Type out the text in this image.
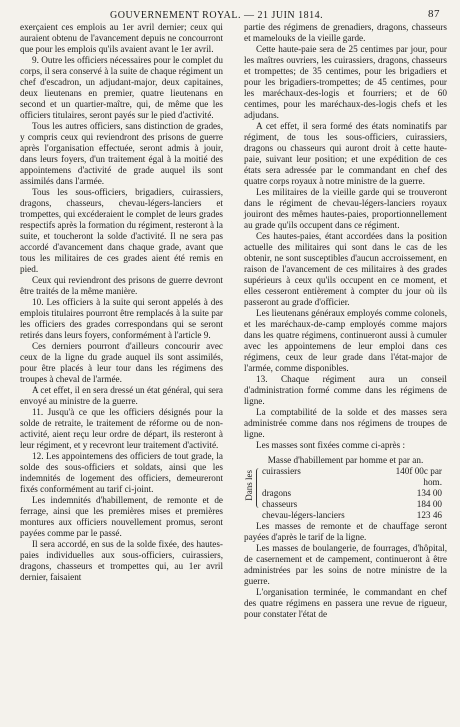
GOUVERNEMENT ROYAL. — 21 JUIN 1814.	87

exerçaient ces emplois au 1er avril dernier; ceux qui auraient obtenu de l'avancement depuis ne concourront que pour les emplois qu'ils avaient avant le 1er avril.

9. Outre les officiers nécessaires pour le complet du corps, il sera conservé à la suite de chaque régiment un chef d'escadron, un adjudant-major, deux capitaines, deux lieutenans en premier, quatre lieutenans en second et un quartier-maître, qui, de même que les officiers titulaires, seront payés sur le pied d'activité.

Tous les autres officiers, sans distinction de grades, y compris ceux qui reviendront des prisons de guerre après l'organisation effectuée, seront admis à jouir, dans leurs foyers, d'un traitement égal à la moitié des appointemens d'activité de grade auquel ils sont assimilés dans l'armée.

Tous les sous-officiers, brigadiers, cuirassiers, dragons, chasseurs, chevau-légers-lanciers et trompettes, qui excéderaient le complet de leurs grades respectifs après la formation du régiment, resteront à la suite, et toucheront la solde d'activité. Il ne sera pas accordé d'avancement dans chaque grade, avant que tous les militaires de ces grades aient été remis en pied.

Ceux qui reviendront des prisons de guerre devront être traités de la même manière.

10. Les officiers à la suite qui seront appelés à des emplois titulaires pourront être remplacés à la suite par les officiers des grades correspondans qui se seront retirés dans leurs foyers, conformément à l'article 9.

Ces derniers pourront d'ailleurs concourir avec ceux de la ligne du grade auquel ils sont assimilés, pour être placés à leur tour dans les régimens des troupes à cheval de l'armée.

A cet effet, il en sera dressé un état général, qui sera envoyé au ministre de la guerre.

11. Jusqu'à ce que les officiers désignés pour la solde de retraite, le traitement de réforme ou de non-activité, aient reçu leur ordre de départ, ils resteront à leur régiment, et y recevront leur traitement d'activité.

12. Les appointemens des officiers de tout grade, la solde des sous-officiers et soldats, ainsi que les indemnités de logement des officiers, demeureront fixés conformément au tarif ci-joint.

Les indemnités d'habillement, de remonte et de ferrage, ainsi que les premières mises et premières montures aux officiers nouvellement promus, seront payées comme par le passé.

Il sera accordé, en sus de la solde fixée, des hautes-paies individuelles aux sous-officiers, cuirassiers, dragons, chasseurs et trompettes qui, au 1er avril dernier, faisaient

partie des régimens de grenadiers, dragons, chasseurs et mamelouks de la vieille garde.

Cette haute-paie sera de 25 centimes par jour, pour les maîtres ouvriers, les cuirassiers, dragons, chasseurs et trompettes; de 35 centimes, pour les brigadiers et pour les brigadiers-trompettes; de 45 centimes, pour les maréchaux-des-logis et fourriers; et de 60 centimes, pour les maréchaux-des-logis chefs et les adjudans.

A cet effet, il sera formé des états nominatifs par régiment, de tous les sous-officiers, cuirassiers, dragons ou chasseurs qui auront droit à cette haute-paie, suivant leur position; et une expédition de ces états sera adressée par le commandant en chef des quatre corps royaux à notre ministre de la guerre.

Les militaires de la vieille garde qui se trouveront dans le régiment de chevau-légers-lanciers royaux jouiront des mêmes hautes-paies, proportionnellement au grade qu'ils occupent dans ce régiment.

Ces hautes-paies, étant accordées dans la position actuelle des militaires qui sont dans le cas de les obtenir, ne sont susceptibles d'aucun accroissement, en raison de l'avancement de ces militaires à des grades supérieurs à ceux qu'ils occupent en ce moment, et elles cesseront entièrement à compter du jour où ils passeront au grade d'officier.

Les lieutenans généraux employés comme colonels, et les maréchaux-de-camp employés comme majors dans les quatre régimens, continueront aussi à cumuler avec les appointemens de leur emploi dans ces régimens, ceux de leur grade dans l'état-major de l'armée, comme disponibles.

13. Chaque régiment aura un conseil d'administration formé comme dans les régimens de ligne.

La comptabilité de la solde et des masses sera administrée comme dans nos régimens de troupes de ligne.

Les masses sont fixées comme ci-après :

Masse d'habillement par homme et par an.

Dans les cuirassiers	140f 00c par hom.
dragons	134 00
chasseurs	184 00
chevau-légers-lanciers	123 46

Les masses de remonte et de chauffage seront payées d'après le tarif de la ligne.

Les masses de boulangerie, de fourrages, d'hôpital, de casernement et de campement, continueront à être administrées par les soins de notre ministre de la guerre.

L'organisation terminée, le commandant en chef des quatre régimens en passera une revue de rigueur, pour constater l'état de
